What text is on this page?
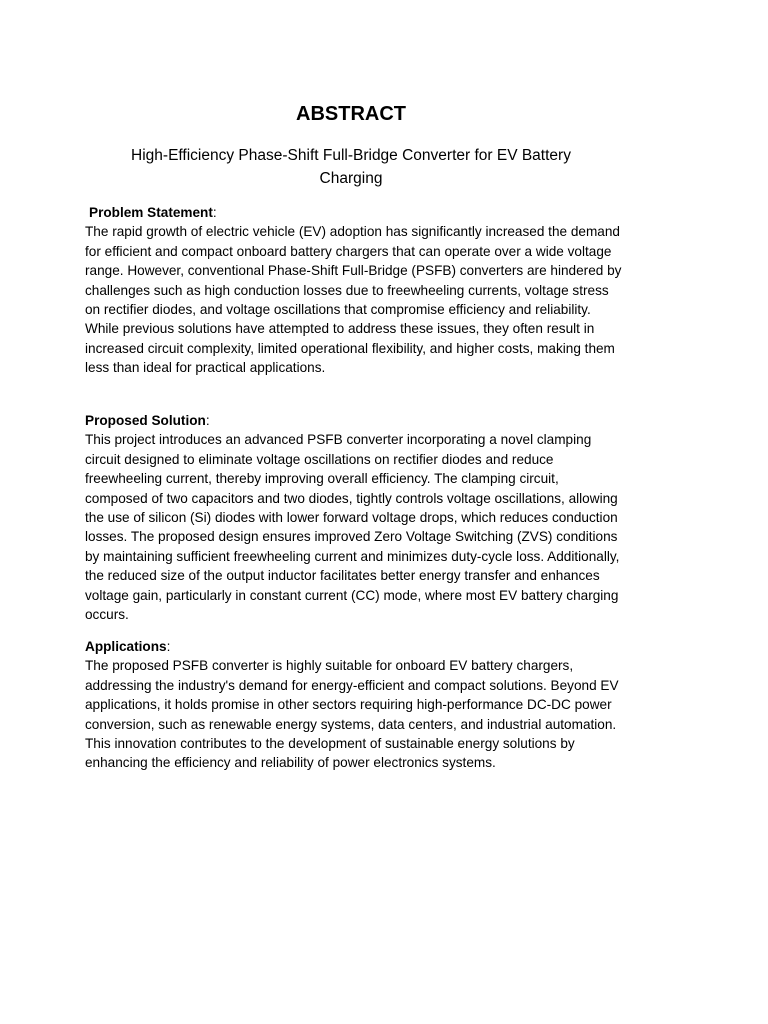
ABSTRACT
High-Efficiency Phase-Shift Full-Bridge Converter for EV Battery Charging

Problem Statement:

The rapid growth of electric vehicle (EV) adoption has significantly increased the demand for efficient and compact onboard battery chargers that can operate over a wide voltage range. However, conventional Phase-Shift Full-Bridge (PSFB) converters are hindered by challenges such as high conduction losses due to freewheeling currents, voltage stress on rectifier diodes, and voltage oscillations that compromise efficiency and reliability. While previous solutions have attempted to address these issues, they often result in increased circuit complexity, limited operational flexibility, and higher costs, making them less than ideal for practical applications.

Proposed Solution:

This project introduces an advanced PSFB converter incorporating a novel clamping circuit designed to eliminate voltage oscillations on rectifier diodes and reduce freewheeling current, thereby improving overall efficiency. The clamping circuit, composed of two capacitors and two diodes, tightly controls voltage oscillations, allowing the use of silicon (Si) diodes with lower forward voltage drops, which reduces conduction losses. The proposed design ensures improved Zero Voltage Switching (ZVS) conditions by maintaining sufficient freewheeling current and minimizes duty-cycle loss. Additionally, the reduced size of the output inductor facilitates better energy transfer and enhances voltage gain, particularly in constant current (CC) mode, where most EV battery charging occurs.

Applications:

The proposed PSFB converter is highly suitable for onboard EV battery chargers, addressing the industry's demand for energy-efficient and compact solutions. Beyond EV applications, it holds promise in other sectors requiring high-performance DC-DC power conversion, such as renewable energy systems, data centers, and industrial automation. This innovation contributes to the development of sustainable energy solutions by enhancing the efficiency and reliability of power electronics systems.
